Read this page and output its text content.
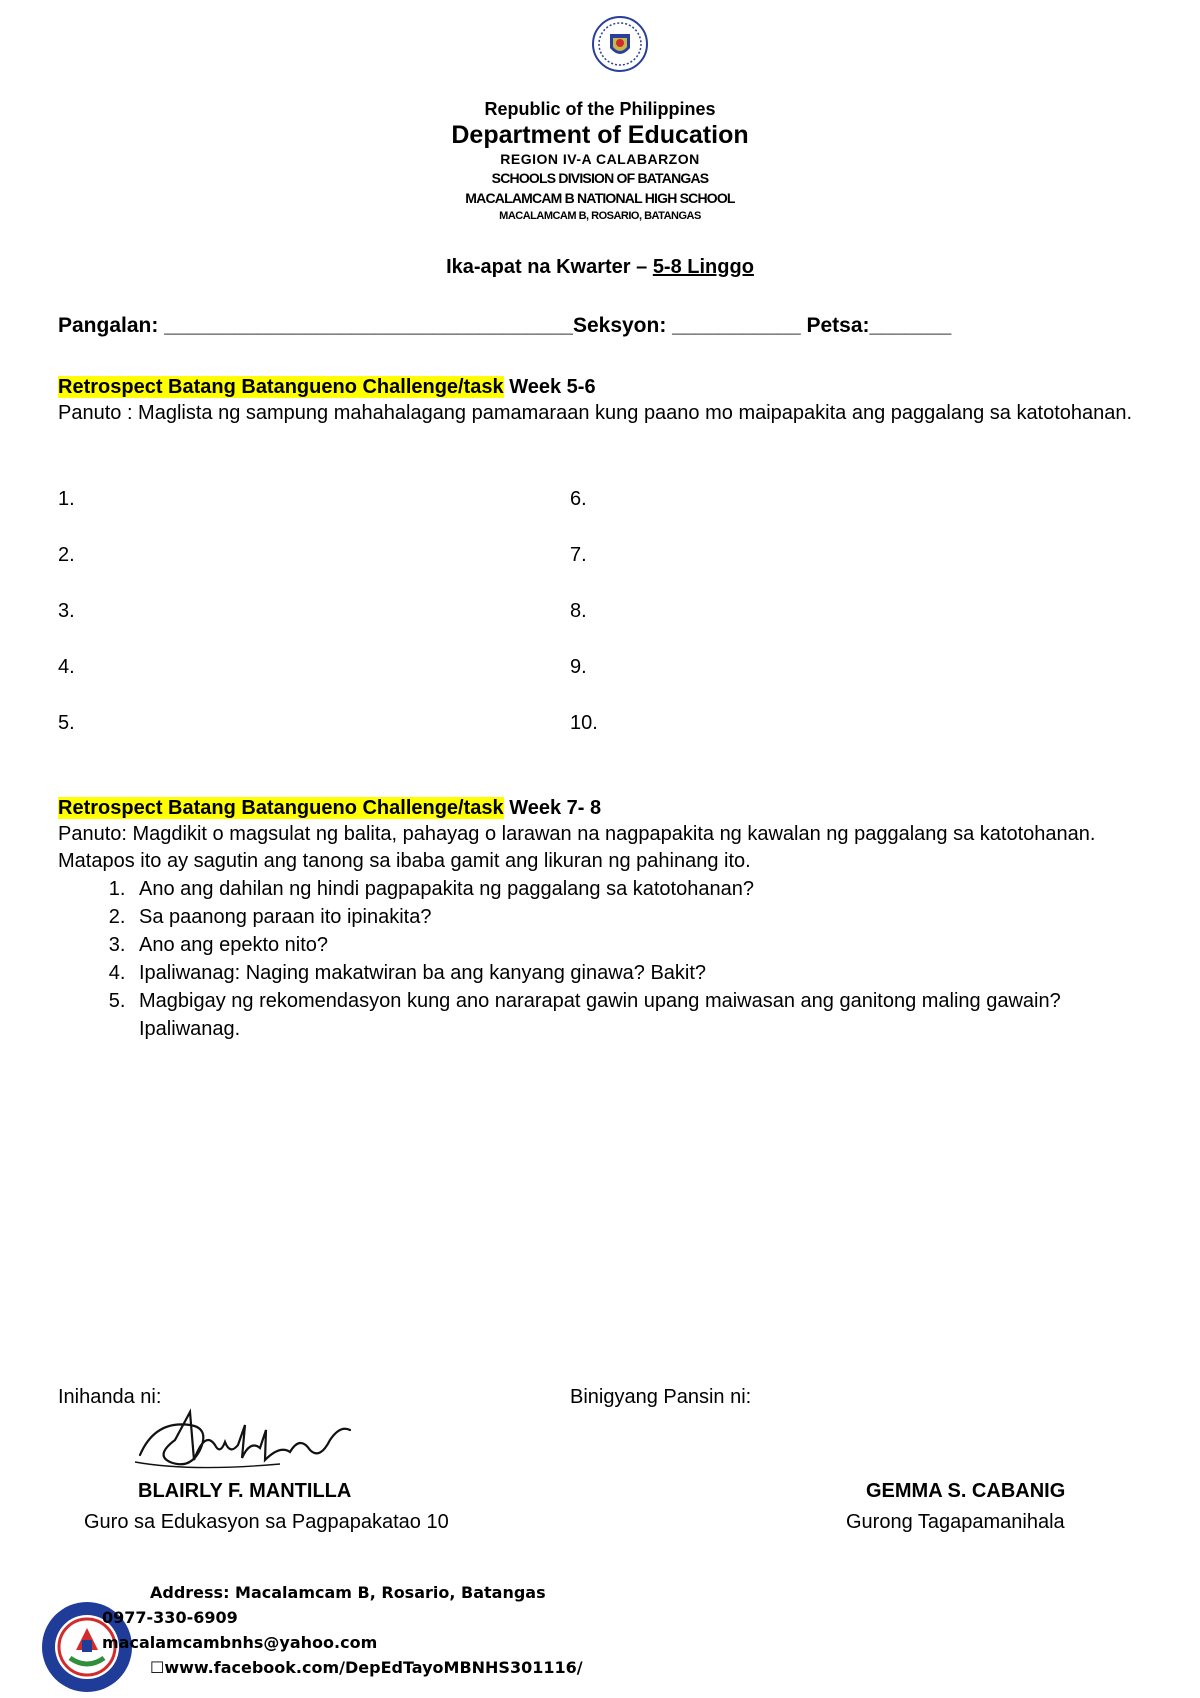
Republic of the Philippines

Department of Education

REGION IV-A CALABARZON

SCHOOLS DIVISION OF BATANGAS

MACALAMCAM B NATIONAL HIGH SCHOOL

MACALAMCAM B, ROSARIO, BATANGAS

Ika-apat na Kwarter – 5-8 Linggo
Pangalan: ___________________________________Seksyon: ___________ Petsa:_______
Retrospect Batang Batangueno Challenge/task Week 5-6

Panuto : Maglista ng sampung mahahalagang pamamaraan kung paano mo maipapakita ang paggalang sa katotohanan.

1.
2.
3.
4.
5.
6.
7.
8.
9.
10.
Retrospect Batang Batangueno Challenge/task Week 7- 8

Panuto: Magdikit o magsulat ng balita, pahayag o larawan na nagpapakita ng kawalan ng paggalang sa katotohanan. Matapos ito ay sagutin ang tanong sa ibaba gamit ang likuran ng pahinang ito.

1. Ano ang dahilan ng hindi pagpapakita ng paggalang sa katotohanan?
2. Sa paanong paraan ito ipinakita?
3. Ano ang epekto nito?
4. Ipaliwanag: Naging makatwiran ba ang kanyang ginawa? Bakit?
5. Magbigay ng rekomendasyon kung ano nararapat gawin upang maiwasan ang ganitong maling gawain? Ipaliwanag.
Inihanda ni:	Binigyang Pansin ni:
BLAIRLY F. MANTILLA
Guro sa Edukasyon sa Pagpapakatao 10
GEMMA S. CABANIG
Gurong Tagapamanihala
Address: Macalamcam B, Rosario, Batangas
0977-330-6909
macalamcambnhs@yahoo.com
☐www.facebook.com/DepEdTayoMBNHS301116/
